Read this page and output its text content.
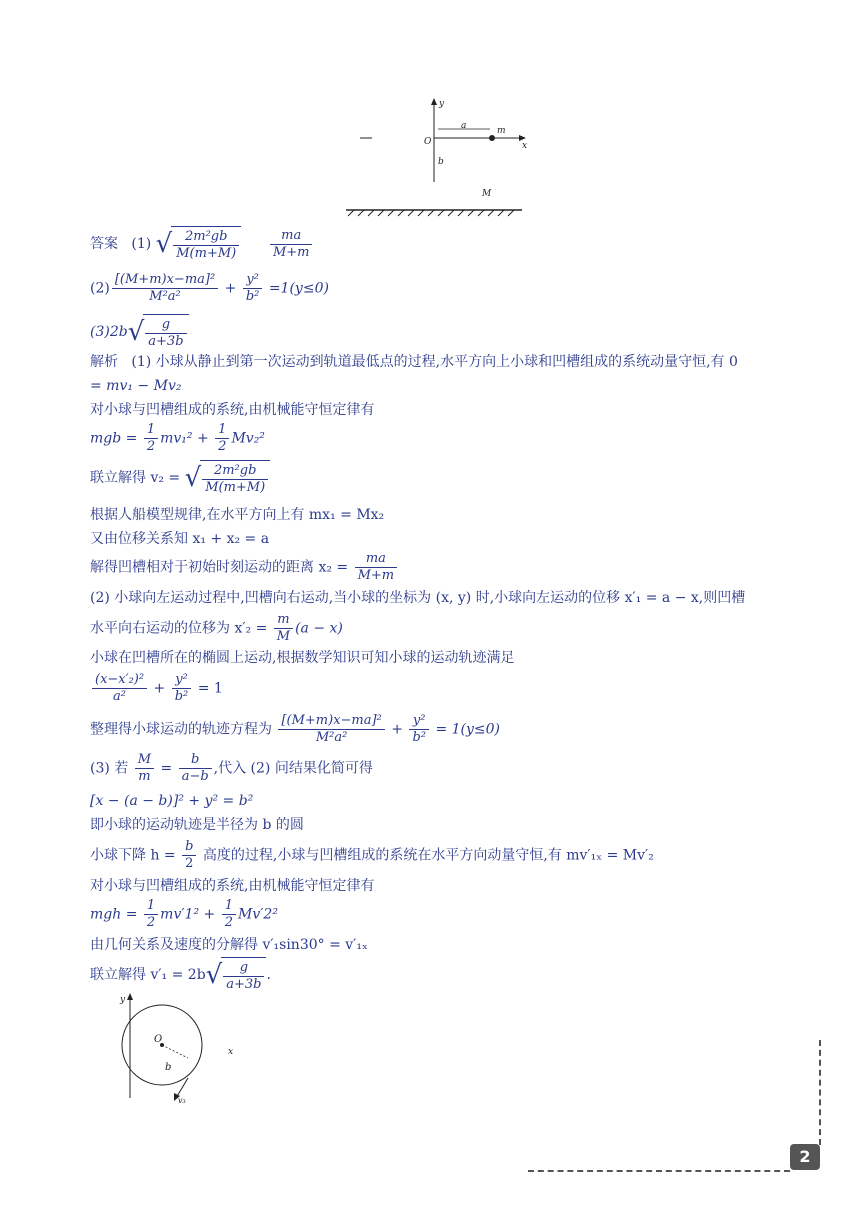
y
x
O
a
b
m
M
答案 (1) √ $\frac{\text{2m²gb}}{M(m+M)}$
$\frac{ma}{M+m}$
$(2) \frac{\text{[(M+m)x−ma]²}}{\text{M²a²}} + \frac{\text{y²}}{\text{b²}} =1(y\le 0)$
(3)2b √ $\frac{g}{a+3b}$
解析 (1) 小球从静止到第一次运动到轨道最低点的过程,水平方向上小球和凹槽组成的系统动量守恒,有 0
= mv₁ − Mv₂
对小球与凹槽组成的系统,由机械能守恒定律有
mgb = $\frac{1}{2} mv_1^2 + \frac{1}{2} Mv_2^2$
联立解得 v₂ = √ $\frac{\text{2m²gb}}{M(m+M)}$
根据人船模型规律,在水平方向上有 mx₁ = Mx₂
又由位移关系知 x₁ + x₂ = a
解得凹槽相对于初始时刻运动的距离 $x_2 = \frac{ma}{M+m}$
(2) 小球向左运动过程中,凹槽向右运动,当小球的坐标为 (x, y) 时,小球向左运动的位移 x′₁ = a − x,则凹槽
水平向右运动的位移为 $x'_2 = \frac{m}{M} (a - x)$
小球在凹槽所在的椭圆上运动,根据数学知识可知小球的运动轨迹满足
$\frac{\text{(x−x′₂)²}}{\text{a²}} + \frac{\text{y²}}{\text{b²}} = 1$
整理得小球运动的轨迹方程为 $\frac{\text{[(M+m)x−ma]²}}{\text{M²a²}} + \frac{\text{y²}}{\text{b²}} = 1(y\le 0)$
(3) 若 $\frac{M}{m} = \frac{b}{a-b}$ ,代入 (2) 问结果化简可得
[x − (a − b)]² + y² = b²
即小球的运动轨迹是半径为 b 的圆
小球下降 $h = \frac{b}{2}$ 高度的过程,小球与凹槽组成的系统在水平方向动量守恒,有 mv′₁ₓ = Mv′₂
对小球与凹槽组成的系统,由机械能守恒定律有
mgh = $\frac{1}{2} mv'1^2 + \frac{1}{2} Mv'2^2$
由几何关系及速度的分解得 v′₁sin30° = v′₁ₓ
联立解得 v′₁ = 2b √ $\frac{g}{a+3b}$ .
y
x
O
b
v₃
2
